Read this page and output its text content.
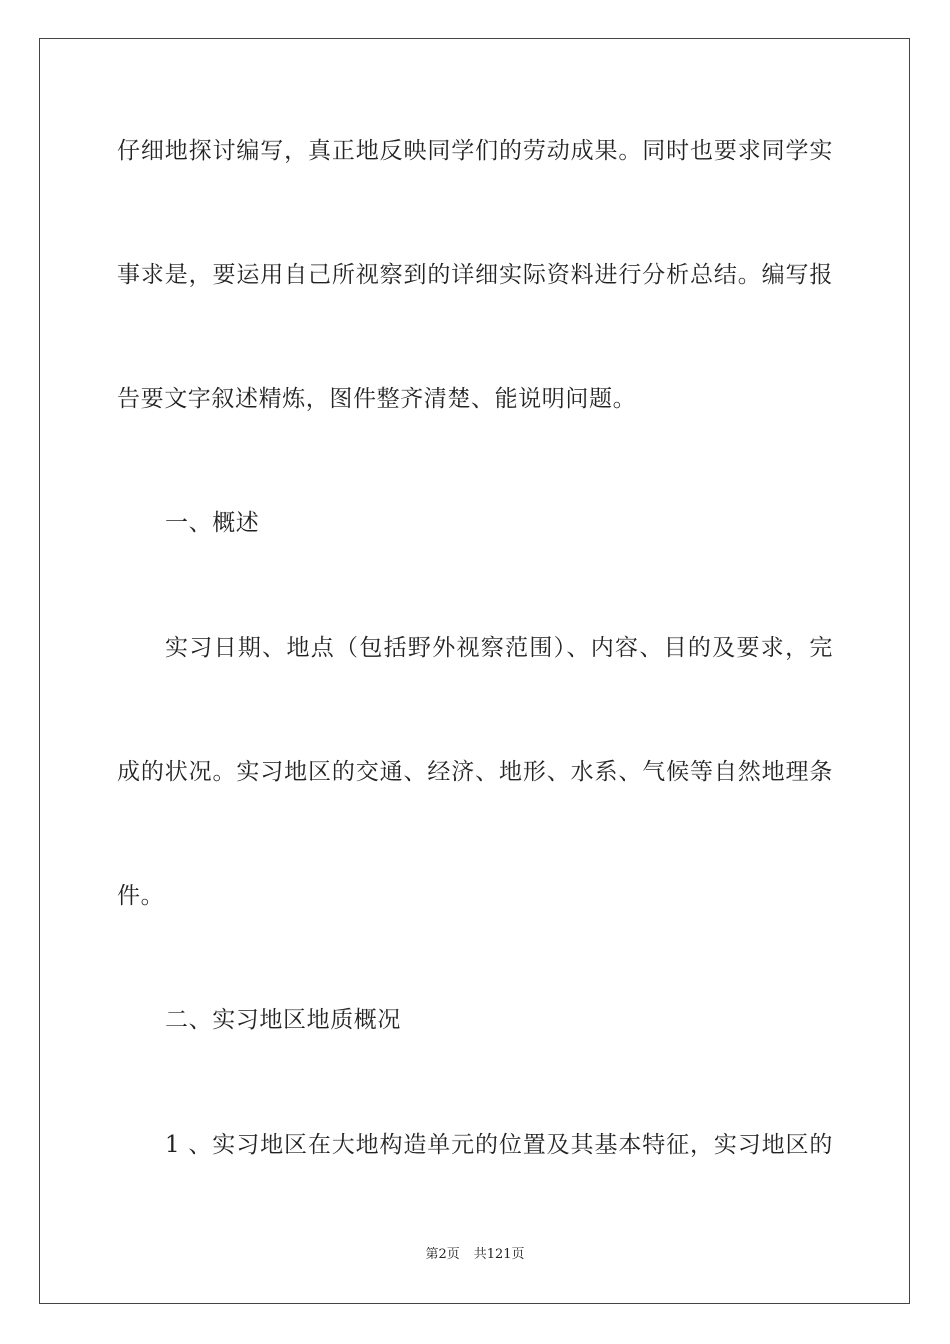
仔细地探讨编写，真正地反映同学们的劳动成果。同时也要求同学实
事求是，要运用自己所视察到的详细实际资料进行分析总结。编写报
告要文字叙述精炼，图件整齐清楚、能说明问题。
一、概述
实习日期、地点（包括野外视察范围）、内容、目的及要求，完
成的状况。实习地区的交通、经济、地形、水系、气候等自然地理条
件。
二、实习地区地质概况
1 、实习地区在大地构造单元的位置及其基本特征，实习地区的
第2页 共121页
